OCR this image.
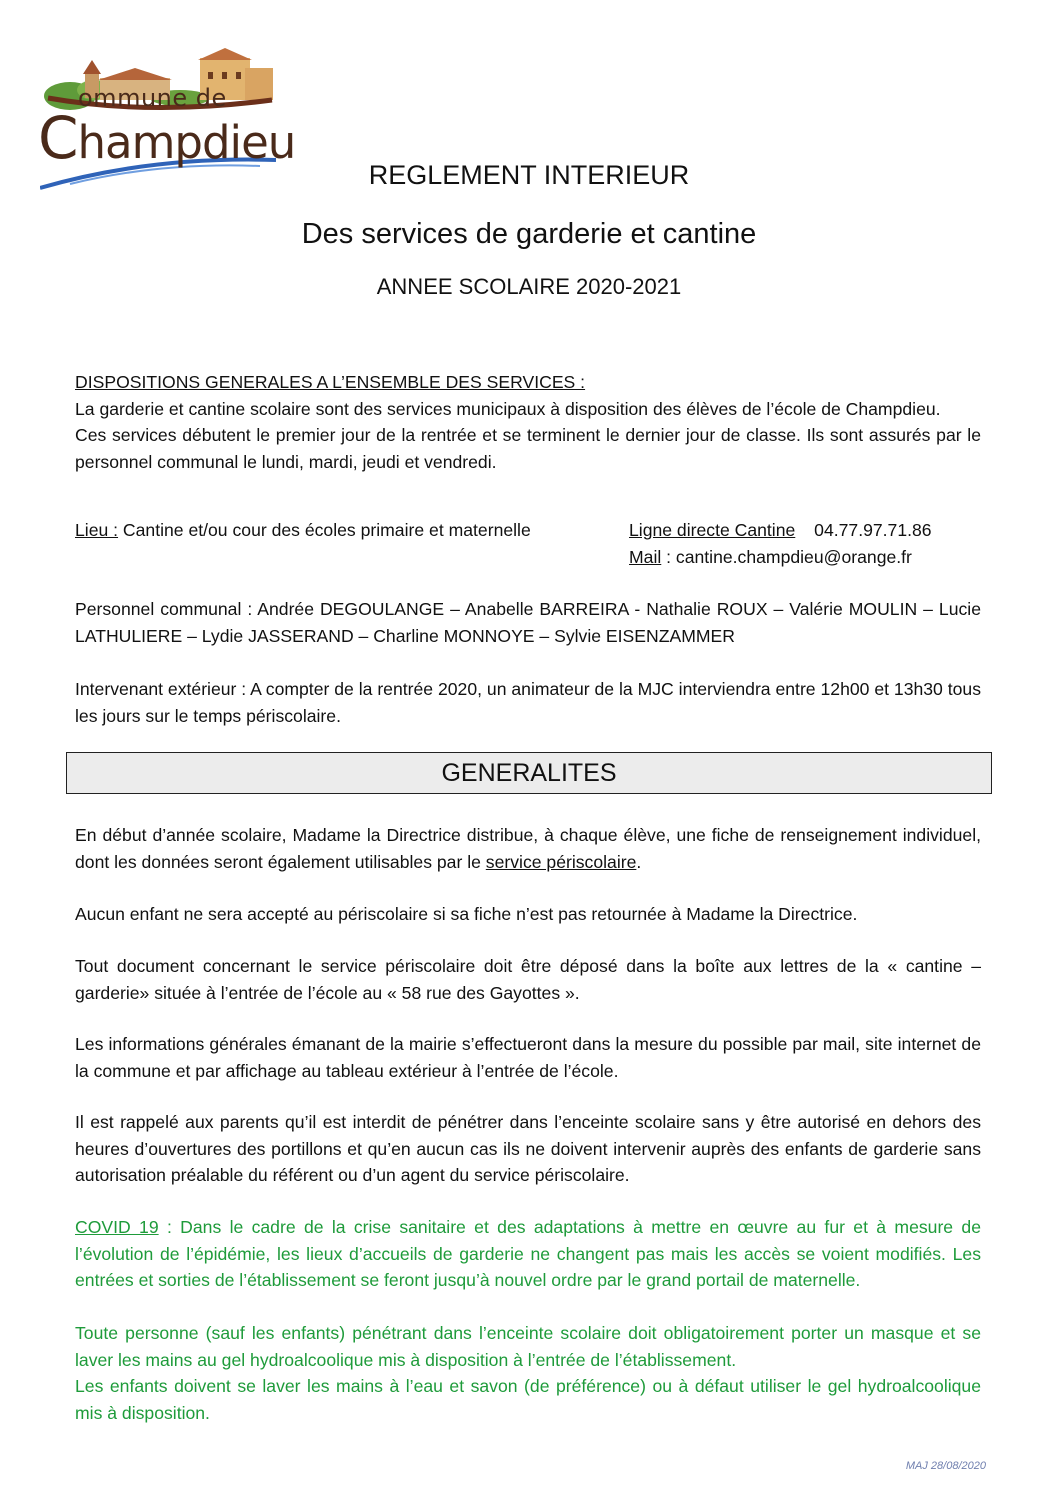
ommune de
Champdieu
REGLEMENT INTERIEUR
Des services de garderie et cantine
ANNEE SCOLAIRE 2020-2021
DISPOSITIONS GENERALES A L’ENSEMBLE DES SERVICES :
La garderie et cantine scolaire sont des services municipaux à disposition des élèves de l’école de Champdieu.
Ces services débutent le premier jour de la rentrée et se terminent le dernier jour de classe. Ils sont assurés par le personnel communal le lundi, mardi, jeudi et vendredi.
Lieu : Cantine et/ou cour des écoles primaire et maternelle	Ligne directe Cantine 04.77.97.71.86
Mail : cantine.champdieu@orange.fr
Personnel communal : Andrée DEGOULANGE – Anabelle BARREIRA - Nathalie ROUX – Valérie MOULIN – Lucie LATHULIERE – Lydie JASSERAND – Charline MONNOYE – Sylvie EISENZAMMER
Intervenant extérieur : A compter de la rentrée 2020, un animateur de la MJC interviendra entre 12h00 et 13h30 tous les jours sur le temps périscolaire.
GENERALITES
En début d’année scolaire, Madame la Directrice distribue, à chaque élève, une fiche de renseignement individuel, dont les données seront également utilisables par le service périscolaire.
Aucun enfant ne sera accepté au périscolaire si sa fiche n’est pas retournée à Madame la Directrice.
Tout document concernant le service périscolaire doit être déposé dans la boîte aux lettres de la « cantine – garderie» située à l’entrée de l’école au « 58 rue des Gayottes ».
Les informations générales émanant de la mairie s’effectueront dans la mesure du possible par mail, site internet de la commune et par affichage au tableau extérieur à l’entrée de l’école.
Il est rappelé aux parents qu’il est interdit de pénétrer dans l’enceinte scolaire sans y être autorisé en dehors des heures d’ouvertures des portillons et qu’en aucun cas ils ne doivent intervenir auprès des enfants de garderie sans autorisation préalable du référent ou d’un agent du service périscolaire.
COVID 19 : Dans le cadre de la crise sanitaire et des adaptations à mettre en œuvre au fur et à mesure de l’évolution de l’épidémie, les lieux d’accueils de garderie ne changent pas mais les accès se voient modifiés. Les entrées et sorties de l’établissement se feront jusqu’à nouvel ordre par le grand portail de maternelle.
Toute personne (sauf les enfants) pénétrant dans l’enceinte scolaire doit obligatoirement porter un masque et se laver les mains au gel hydroalcoolique mis à disposition à l’entrée de l’établissement.
Les enfants doivent se laver les mains à l’eau et savon (de préférence) ou à défaut utiliser le gel hydroalcoolique mis à disposition.
MAJ 28/08/2020
